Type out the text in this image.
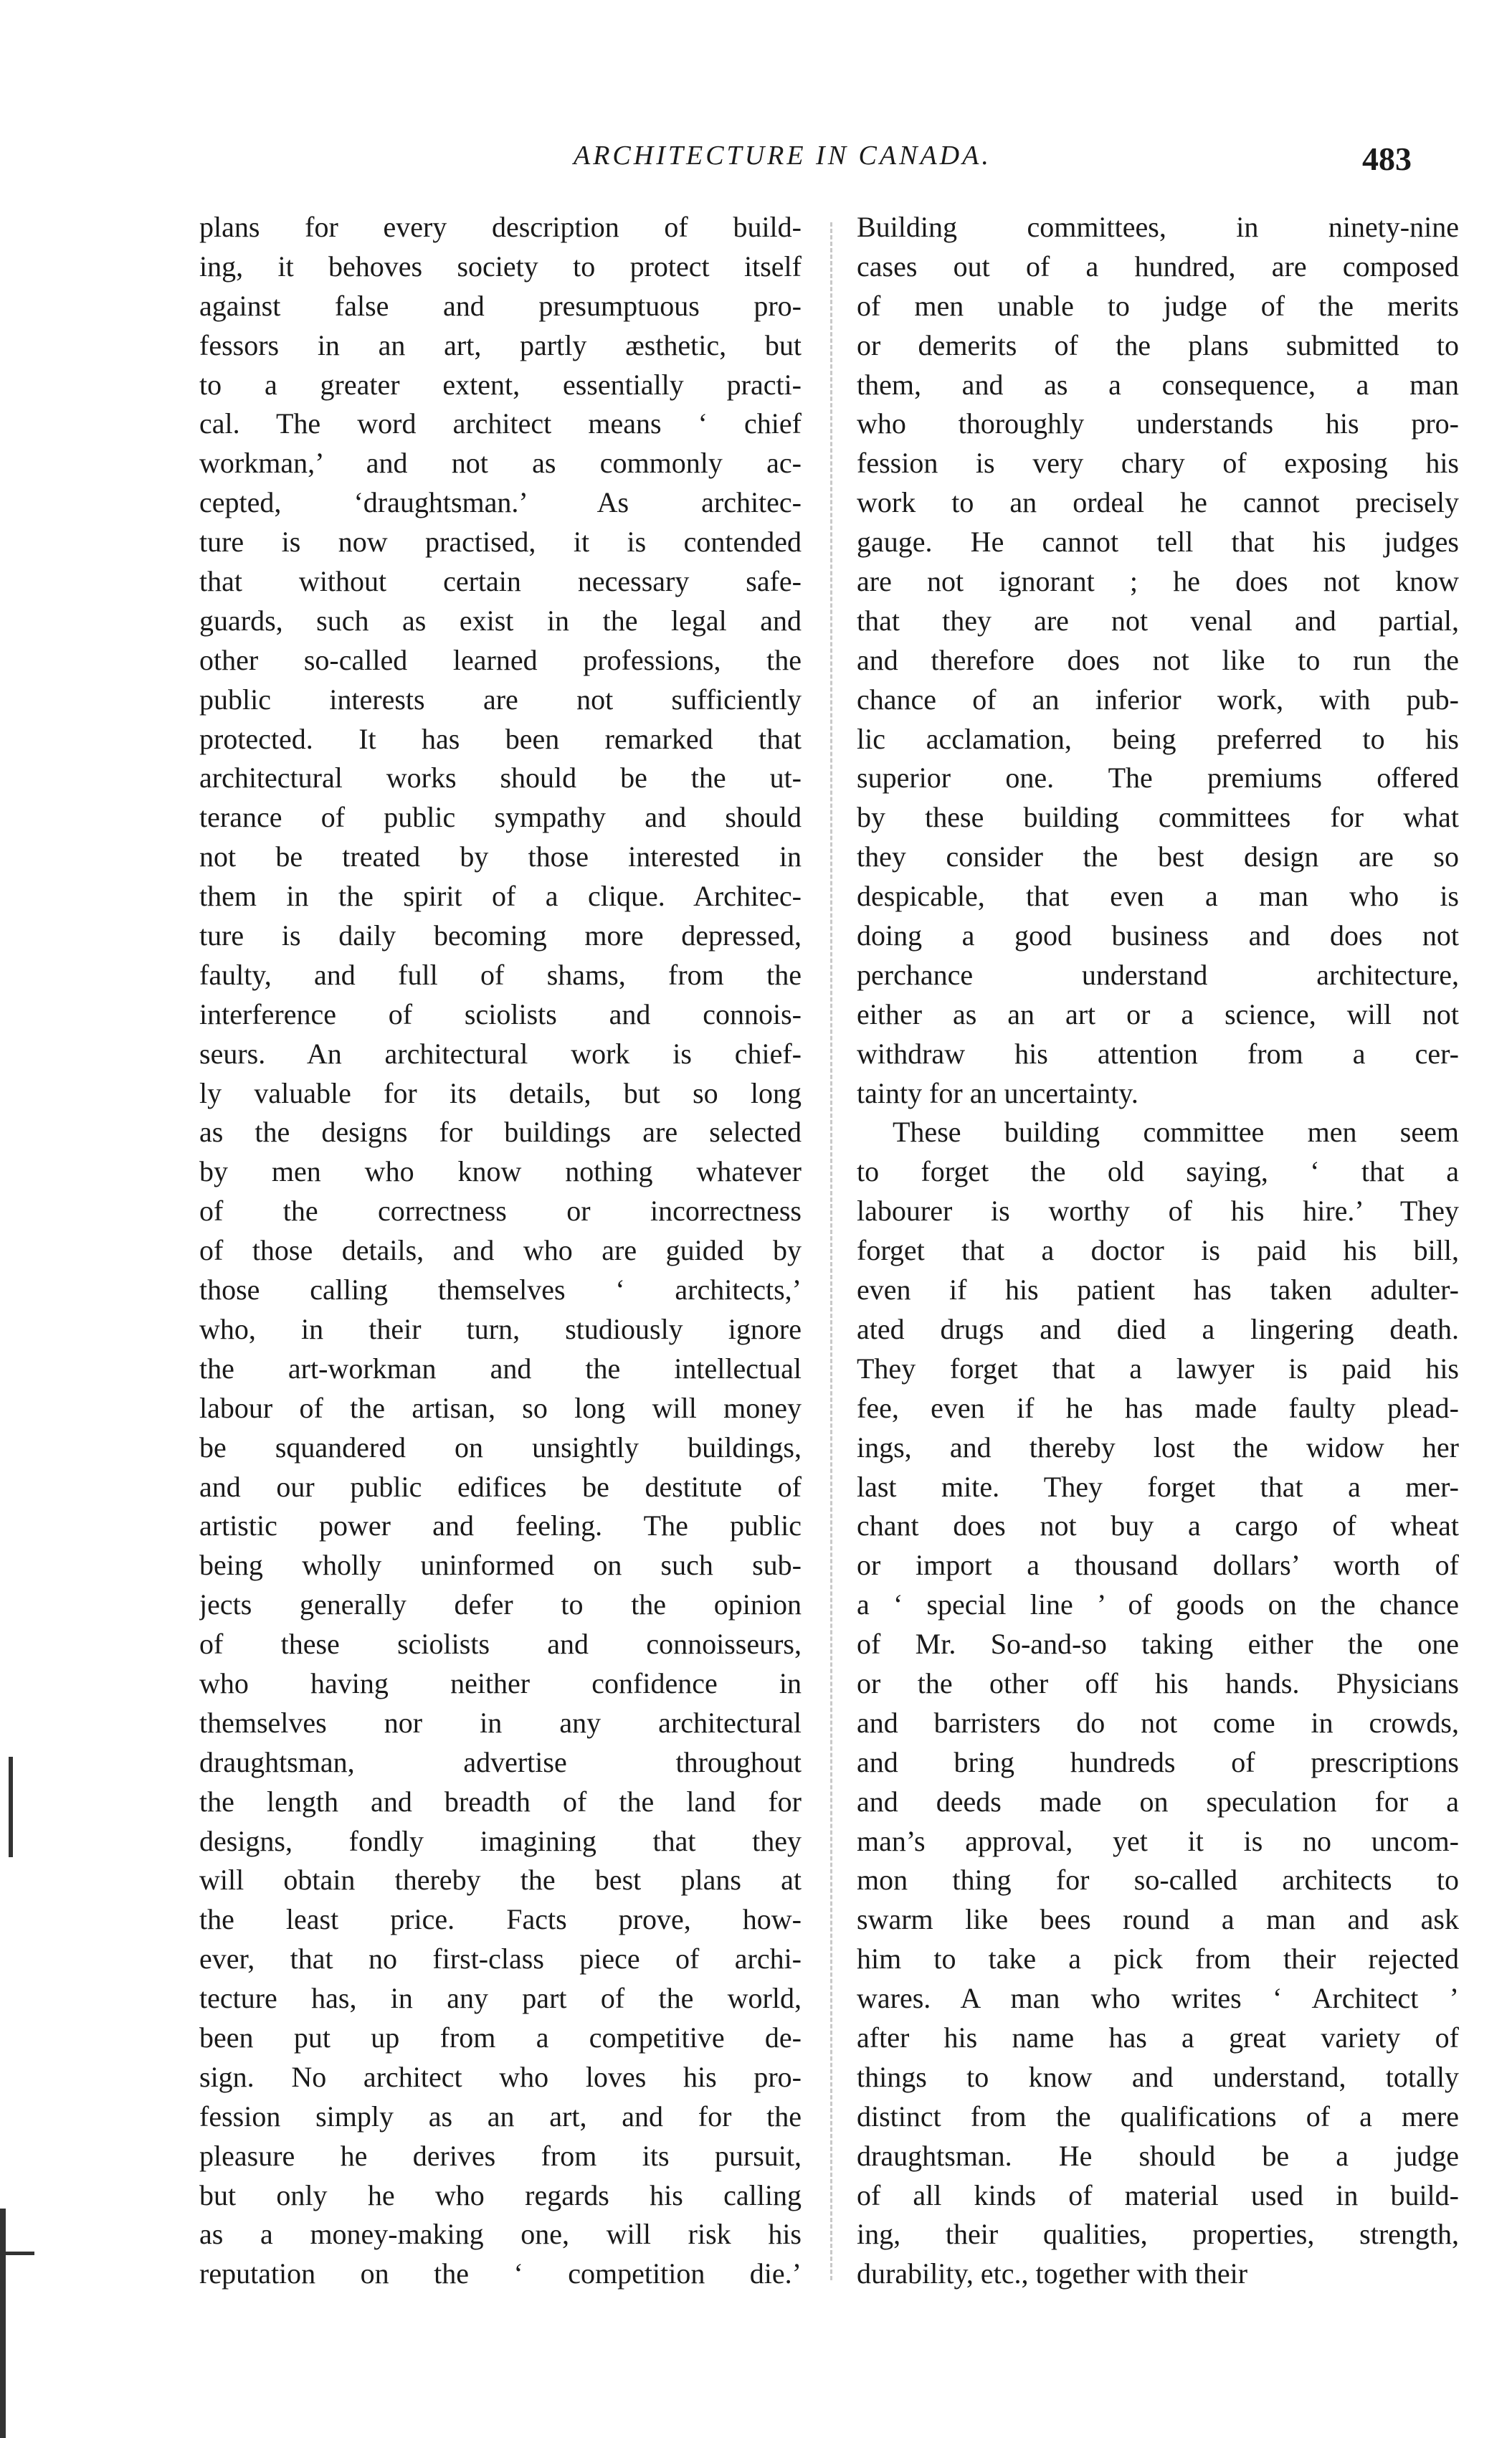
ARCHITECTURE IN CANADA.	483
plans for every description of build-
ing, it behoves society to protect itself
against false and presumptuous pro-
fessors in an art, partly æsthetic, but
to a greater extent, essentially practi-
cal. The word architect means ‘ chief
workman,’ and not as commonly ac-
cepted, ‘draughtsman.’ As architec-
ture is now practised, it is contended
that without certain necessary safe-
guards, such as exist in the legal and
other so-called learned professions, the
public interests are not sufficiently
protected. It has been remarked that
architectural works should be the ut-
terance of public sympathy and should
not be treated by those interested in
them in the spirit of a clique. Architec-
ture is daily becoming more depressed,
faulty, and full of shams, from the
interference of sciolists and connois-
seurs. An architectural work is chief-
ly valuable for its details, but so long
as the designs for buildings are selected
by men who know nothing whatever
of the correctness or incorrectness
of those details, and who are guided by
those calling themselves ‘ architects,’
who, in their turn, studiously ignore
the art-workman and the intellectual
labour of the artisan, so long will money
be squandered on unsightly buildings,
and our public edifices be destitute of
artistic power and feeling. The public
being wholly uninformed on such sub-
jects generally defer to the opinion
of these sciolists and connoisseurs,
who having neither confidence in
themselves nor in any architectural
draughtsman, advertise throughout
the length and breadth of the land for
designs, fondly imagining that they
will obtain thereby the best plans at
the least price. Facts prove, how-
ever, that no first-class piece of archi-
tecture has, in any part of the world,
been put up from a competitive de-
sign. No architect who loves his pro-
fession simply as an art, and for the
pleasure he derives from its pursuit,
but only he who regards his calling
as a money-making one, will risk his
reputation on the ‘ competition die.’
Building committees, in ninety-nine
cases out of a hundred, are composed
of men unable to judge of the merits
or demerits of the plans submitted to
them, and as a consequence, a man
who thoroughly understands his pro-
fession is very chary of exposing his
work to an ordeal he cannot precisely
gauge. He cannot tell that his judges
are not ignorant ; he does not know
that they are not venal and partial,
and therefore does not like to run the
chance of an inferior work, with pub-
lic acclamation, being preferred to his
superior one. The premiums offered
by these building committees for what
they consider the best design are so
despicable, that even a man who is
doing a good business and does not
perchance understand architecture,
either as an art or a science, will not
withdraw his attention from a cer-
tainty for an uncertainty.
These building committee men seem
to forget the old saying, ‘ that a
labourer is worthy of his hire.’ They
forget that a doctor is paid his bill,
even if his patient has taken adulter-
ated drugs and died a lingering death.
They forget that a lawyer is paid his
fee, even if he has made faulty plead-
ings, and thereby lost the widow her
last mite. They forget that a mer-
chant does not buy a cargo of wheat
or import a thousand dollars’ worth of
a ‘ special line ’ of goods on the chance
of Mr. So-and-so taking either the one
or the other off his hands. Physicians
and barristers do not come in crowds,
and bring hundreds of prescriptions
and deeds made on speculation for a
man’s approval, yet it is no uncom-
mon thing for so-called architects to
swarm like bees round a man and ask
him to take a pick from their rejected
wares. A man who writes ‘ Architect ’
after his name has a great variety of
things to know and understand, totally
distinct from the qualifications of a mere
draughtsman. He should be a judge
of all kinds of material used in build-
ing, their qualities, properties, strength,
durability, etc., together with their
